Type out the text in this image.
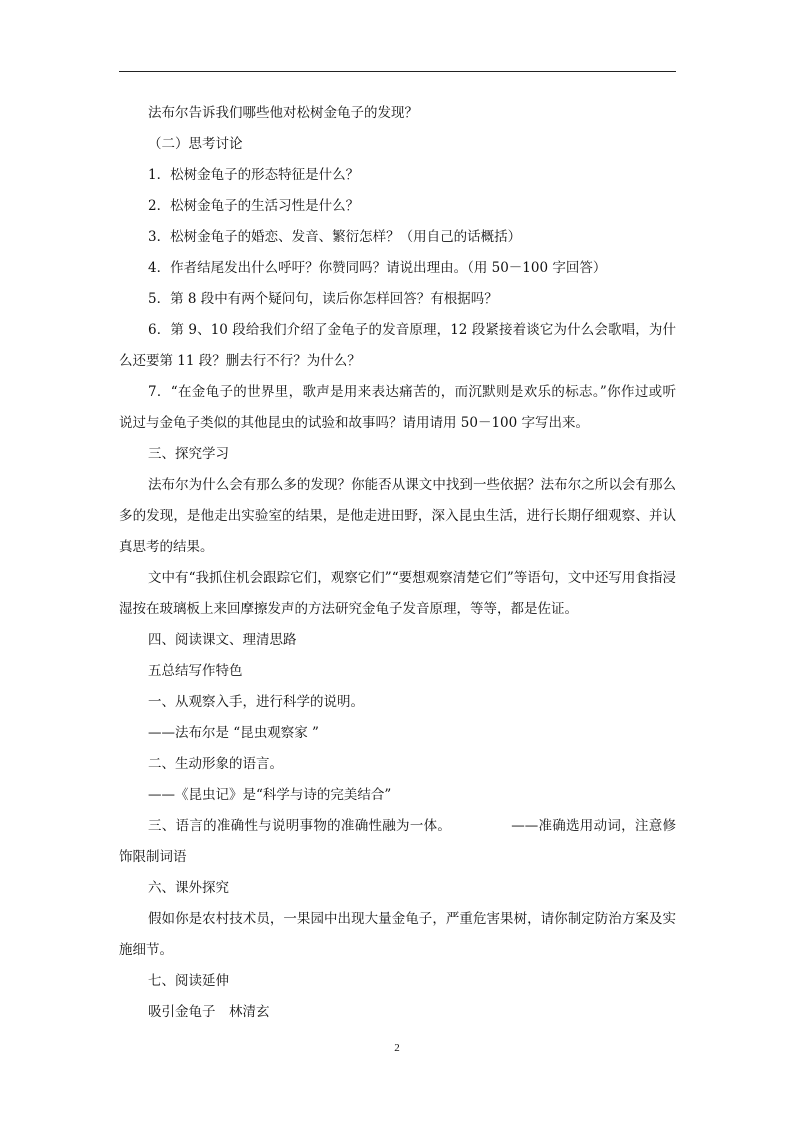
法布尔告诉我们哪些他对松树金龟子的发现？

（二）思考讨论

1．松树金龟子的形态特征是什么？

2．松树金龟子的生活习性是什么？

3．松树金龟子的婚恋、发音、繁衍怎样？（用自己的话概括）

4．作者结尾发出什么呼吁？你赞同吗？请说出理由。（用 50－100 字回答）

5．第 8 段中有两个疑问句，读后你怎样回答？有根据吗？

6．第 9、10 段给我们介绍了金龟子的发音原理，12 段紧接着谈它为什么会歌唱，为什么还要第 11 段？删去行不行？为什么？

7．“在金龟子的世界里，歌声是用来表达痛苦的，而沉默则是欢乐的标志。”你作过或听说过与金龟子类似的其他昆虫的试验和故事吗？请用请用 50－100 字写出来。

三、探究学习

法布尔为什么会有那么多的发现？你能否从课文中找到一些依据？法布尔之所以会有那么多的发现，是他走出实验室的结果，是他走进田野，深入昆虫生活，进行长期仔细观察、并认真思考的结果。

文中有“我抓住机会跟踪它们，观察它们”“要想观察清楚它们”等语句，文中还写用食指浸湿按在玻璃板上来回摩擦发声的方法研究金龟子发音原理，等等，都是佐证。

四、阅读课文、理清思路

五总结写作特色

一、从观察入手，进行科学的说明。

——法布尔是 “昆虫观察家 ”

二、生动形象的语言。

——《昆虫记》是“科学与诗的完美结合”

三、语言的准确性与说明事物的准确性融为一体。	——准确选用动词，注意修饰限制词语

六、课外探究

假如你是农村技术员，一果园中出现大量金龟子，严重危害果树，请你制定防治方案及实施细节。

七、阅读延伸

吸引金龟子　林清玄

2
